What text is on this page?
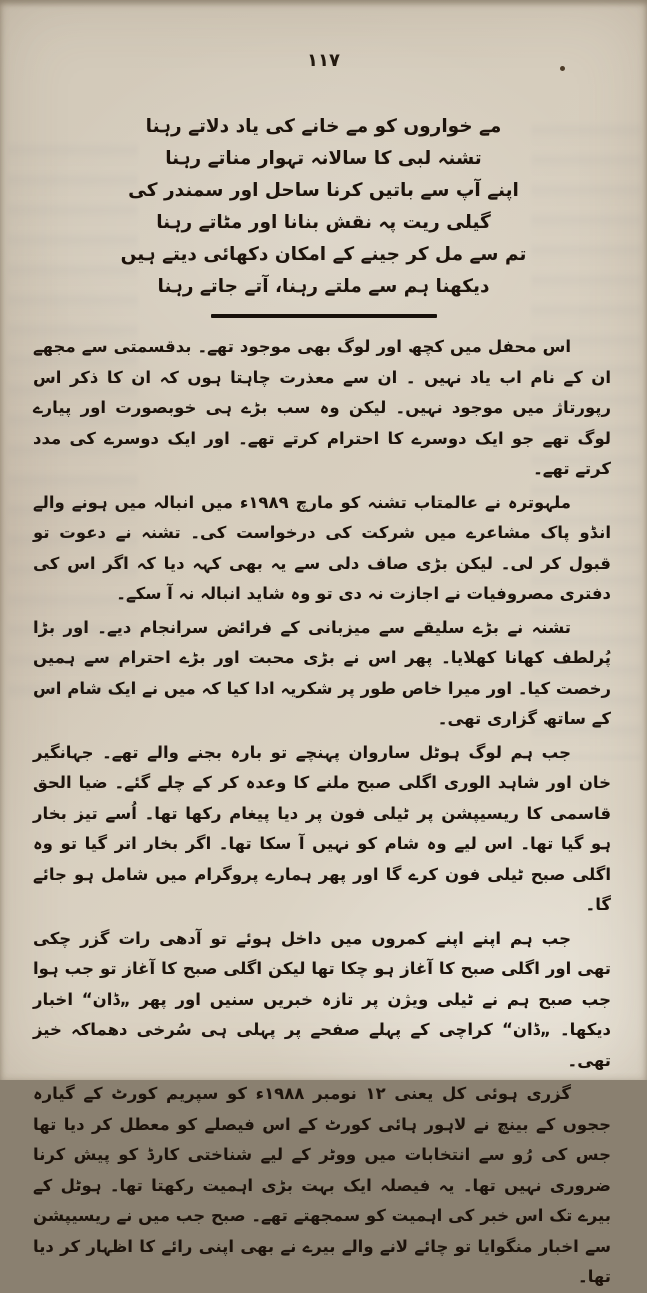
۱۱۷
مے خواروں کو مے خانے کی یاد دلاتے رہنا
تشنہ لبی کا سالانہ تہوار مناتے رہنا
اپنے آپ سے باتیں کرنا ساحل اور سمندر کی
گیلی ریت پہ نقش بنانا اور مٹاتے رہنا
تم سے مل کر جینے کے امکان دکھائی دیتے ہیں
دیکھنا ہم سے ملتے رہنا، آتے جاتے رہنا

اس محفل میں کچھ اور لوگ بھی موجود تھے۔ بدقسمتی سے مجھے ان کے نام اب یاد نہیں ۔ ان سے معذرت چاہتا ہوں کہ ان کا ذکر اس رپورتاژ میں موجود نہیں۔ لیکن وہ سب بڑے ہی خوبصورت اور پیارے لوگ تھے جو ایک دوسرے کا احترام کرتے تھے۔ اور ایک دوسرے کی مدد کرتے تھے۔

ملہوترہ نے عالمتاب تشنہ کو مارچ ۱۹۸۹ء میں انبالہ میں ہونے والے انڈو پاک مشاعرے میں شرکت کی درخواست کی۔ تشنہ نے دعوت تو قبول کر لی۔ لیکن بڑی صاف دلی سے یہ بھی کہہ دیا کہ اگر اس کی دفتری مصروفیات نے اجازت نہ دی تو وہ شاید انبالہ نہ آ سکے۔

تشنہ نے بڑے سلیقے سے میزبانی کے فرائض سرانجام دیے۔ اور بڑا پُرلطف کھانا کھلایا۔ پھر اس نے بڑی محبت اور بڑے احترام سے ہمیں رخصت کیا۔ اور میرا خاص طور پر شکریہ ادا کیا کہ میں نے ایک شام اس کے ساتھ گزاری تھی۔

جب ہم لوگ ہوٹل ساروان پہنچے تو بارہ بجنے والے تھے۔ جہانگیر خان اور شاہد الوری اگلی صبح ملنے کا وعدہ کر کے چلے گئے۔ ضیا الحق قاسمی کا ریسیپشن پر ٹیلی فون پر دیا پیغام رکھا تھا۔ اُسے تیز بخار ہو گیا تھا۔ اس لیے وہ شام کو نہیں آ سکا تھا۔ اگر بخار اتر گیا تو وہ اگلی صبح ٹیلی فون کرے گا اور پھر ہمارے پروگرام میں شامل ہو جائے گا۔

جب ہم اپنے اپنے کمروں میں داخل ہوئے تو آدھی رات گزر چکی تھی اور اگلی صبح کا آغاز ہو چکا تھا لیکن اگلی صبح کا آغاز تو جب ہوا جب صبح ہم نے ٹیلی ویژن پر تازہ خبریں سنیں اور پھر „ڈان“ اخبار دیکھا۔ „ڈان“ کراچی کے پہلے صفحے پر پہلی ہی سُرخی دھماکہ خیز تھی۔

گزری ہوئی کل یعنی ۱۲ نومبر ۱۹۸۸ء کو سپریم کورٹ کے گیارہ ججوں کے بینچ نے لاہور ہائی کورٹ کے اس فیصلے کو معطل کر دیا تھا جس کی رُو سے انتخابات میں ووٹر کے لیے شناختی کارڈ کو پیش کرنا ضروری نہیں تھا۔ یہ فیصلہ ایک بہت بڑی اہمیت رکھتا تھا۔ ہوٹل کے بیرے تک اس خبر کی اہمیت کو سمجھتے تھے۔ صبح جب میں نے ریسیپشن سے اخبار منگوایا تو چائے لانے والے بیرے نے بھی اپنی رائے کا اظہار کر دیا تھا۔
